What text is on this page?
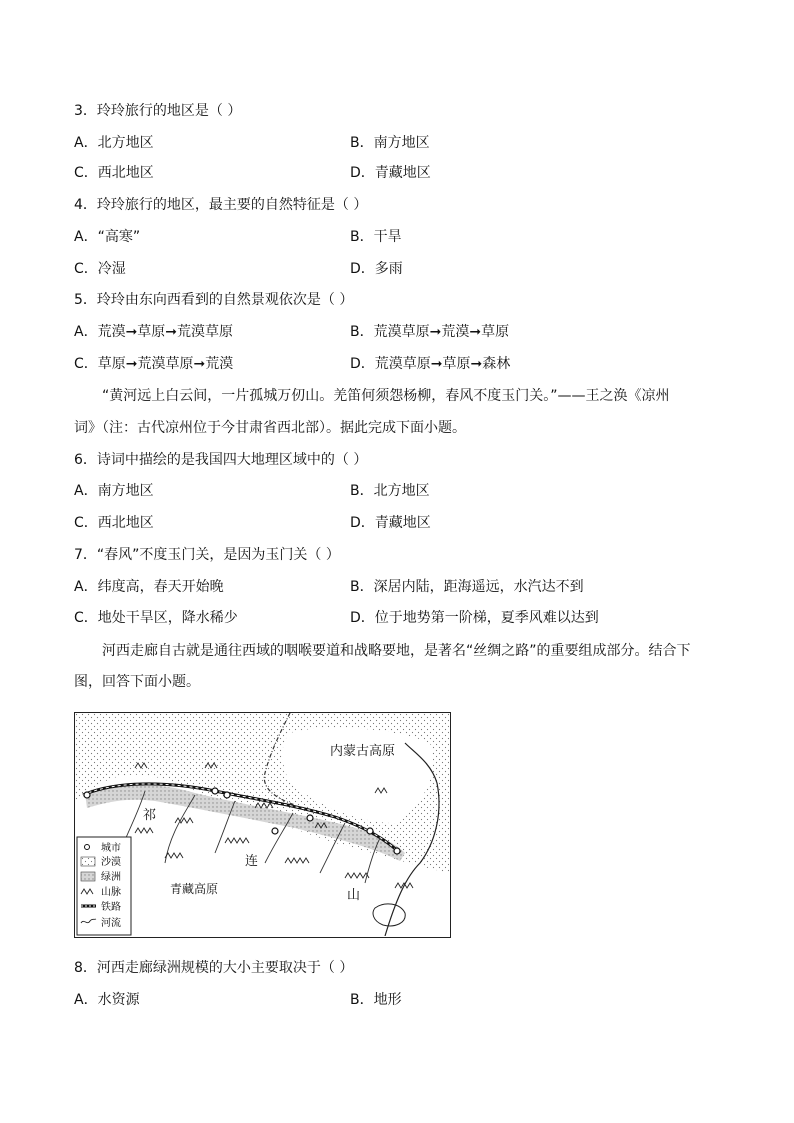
3．玲玲旅行的地区是（ ）
A．北方地区	B．南方地区
C．西北地区	D．青藏地区
4．玲玲旅行的地区，最主要的自然特征是（ ）
A．“高寒”	B．干旱
C．冷湿	D．多雨
5．玲玲由东向西看到的自然景观依次是（ ）
A．荒漠➞草原➞荒漠草原	B．荒漠草原➞荒漠➞草原
C．草原➞荒漠草原➞荒漠	D．荒漠草原➞草原➞森林
“黄河远上白云间，一片孤城万仞山。羌笛何须怨杨柳，春风不度玉门关。”——王之涣《凉州
词》（注：古代凉州位于今甘肃省西北部）。据此完成下面小题。
6．诗词中描绘的是我国四大地理区域中的（ ）
A．南方地区	B．北方地区
C．西北地区	D．青藏地区
7．“春风”不度玉门关，是因为玉门关（ ）
A．纬度高，春天开始晚	B．深居内陆，距海遥远，水汽达不到
C．地处干旱区，降水稀少	D．位于地势第一阶梯，夏季风难以达到
河西走廊自古就是通往西域的咽喉要道和战略要地，是著名“丝绸之路”的重要组成部分。结合下
图，回答下面小题。
内蒙古高原
青藏高原
祁
连
山
城市
沙漠
绿洲
山脉
铁路
河流
8．河西走廊绿洲规模的大小主要取决于（ ）
A．水资源	B．地形
